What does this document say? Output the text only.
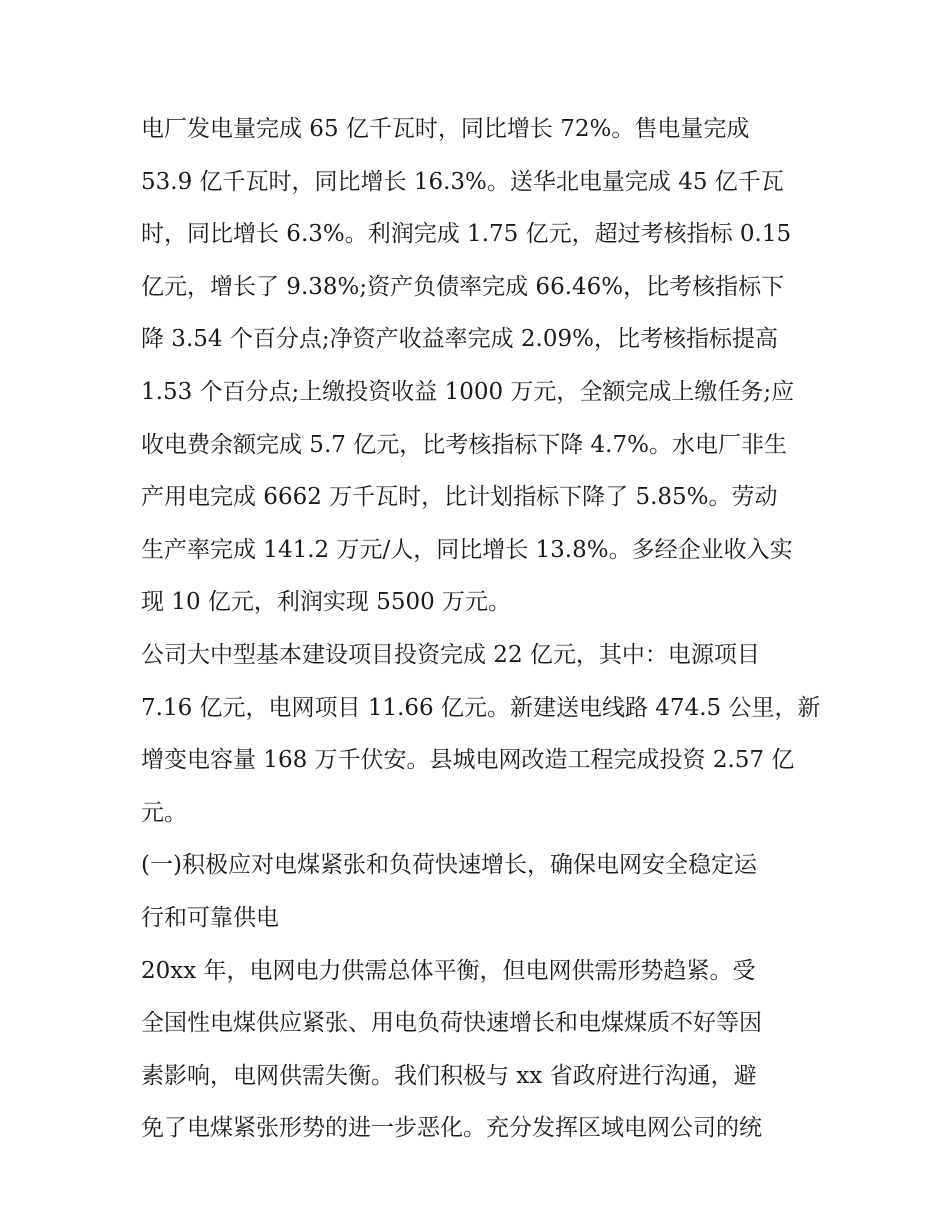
电厂发电量完成 65 亿千瓦时，同比增长 72%。售电量完成
53.9 亿千瓦时，同比增长 16.3%。送华北电量完成 45 亿千瓦
时，同比增长 6.3%。利润完成 1.75 亿元，超过考核指标 0.15
亿元，增长了 9.38%;资产负债率完成 66.46%，比考核指标下
降 3.54 个百分点;净资产收益率完成 2.09%，比考核指标提高
1.53 个百分点;上缴投资收益 1000 万元，全额完成上缴任务;应
收电费余额完成 5.7 亿元，比考核指标下降 4.7%。水电厂非生
产用电完成 6662 万千瓦时，比计划指标下降了 5.85%。劳动
生产率完成 141.2 万元/人，同比增长 13.8%。多经企业收入实
现 10 亿元，利润实现 5500 万元。
公司大中型基本建设项目投资完成 22 亿元，其中：电源项目
7.16 亿元，电网项目 11.66 亿元。新建送电线路 474.5 公里，新
增变电容量 168 万千伏安。县城电网改造工程完成投资 2.57 亿
元。
(一)积极应对电煤紧张和负荷快速增长，确保电网安全稳定运
行和可靠供电
20xx 年，电网电力供需总体平衡，但电网供需形势趋紧。受
全国性电煤供应紧张、用电负荷快速增长和电煤煤质不好等因
素影响，电网供需失衡。我们积极与 xx 省政府进行沟通，避
免了电煤紧张形势的进一步恶化。充分发挥区域电网公司的统
